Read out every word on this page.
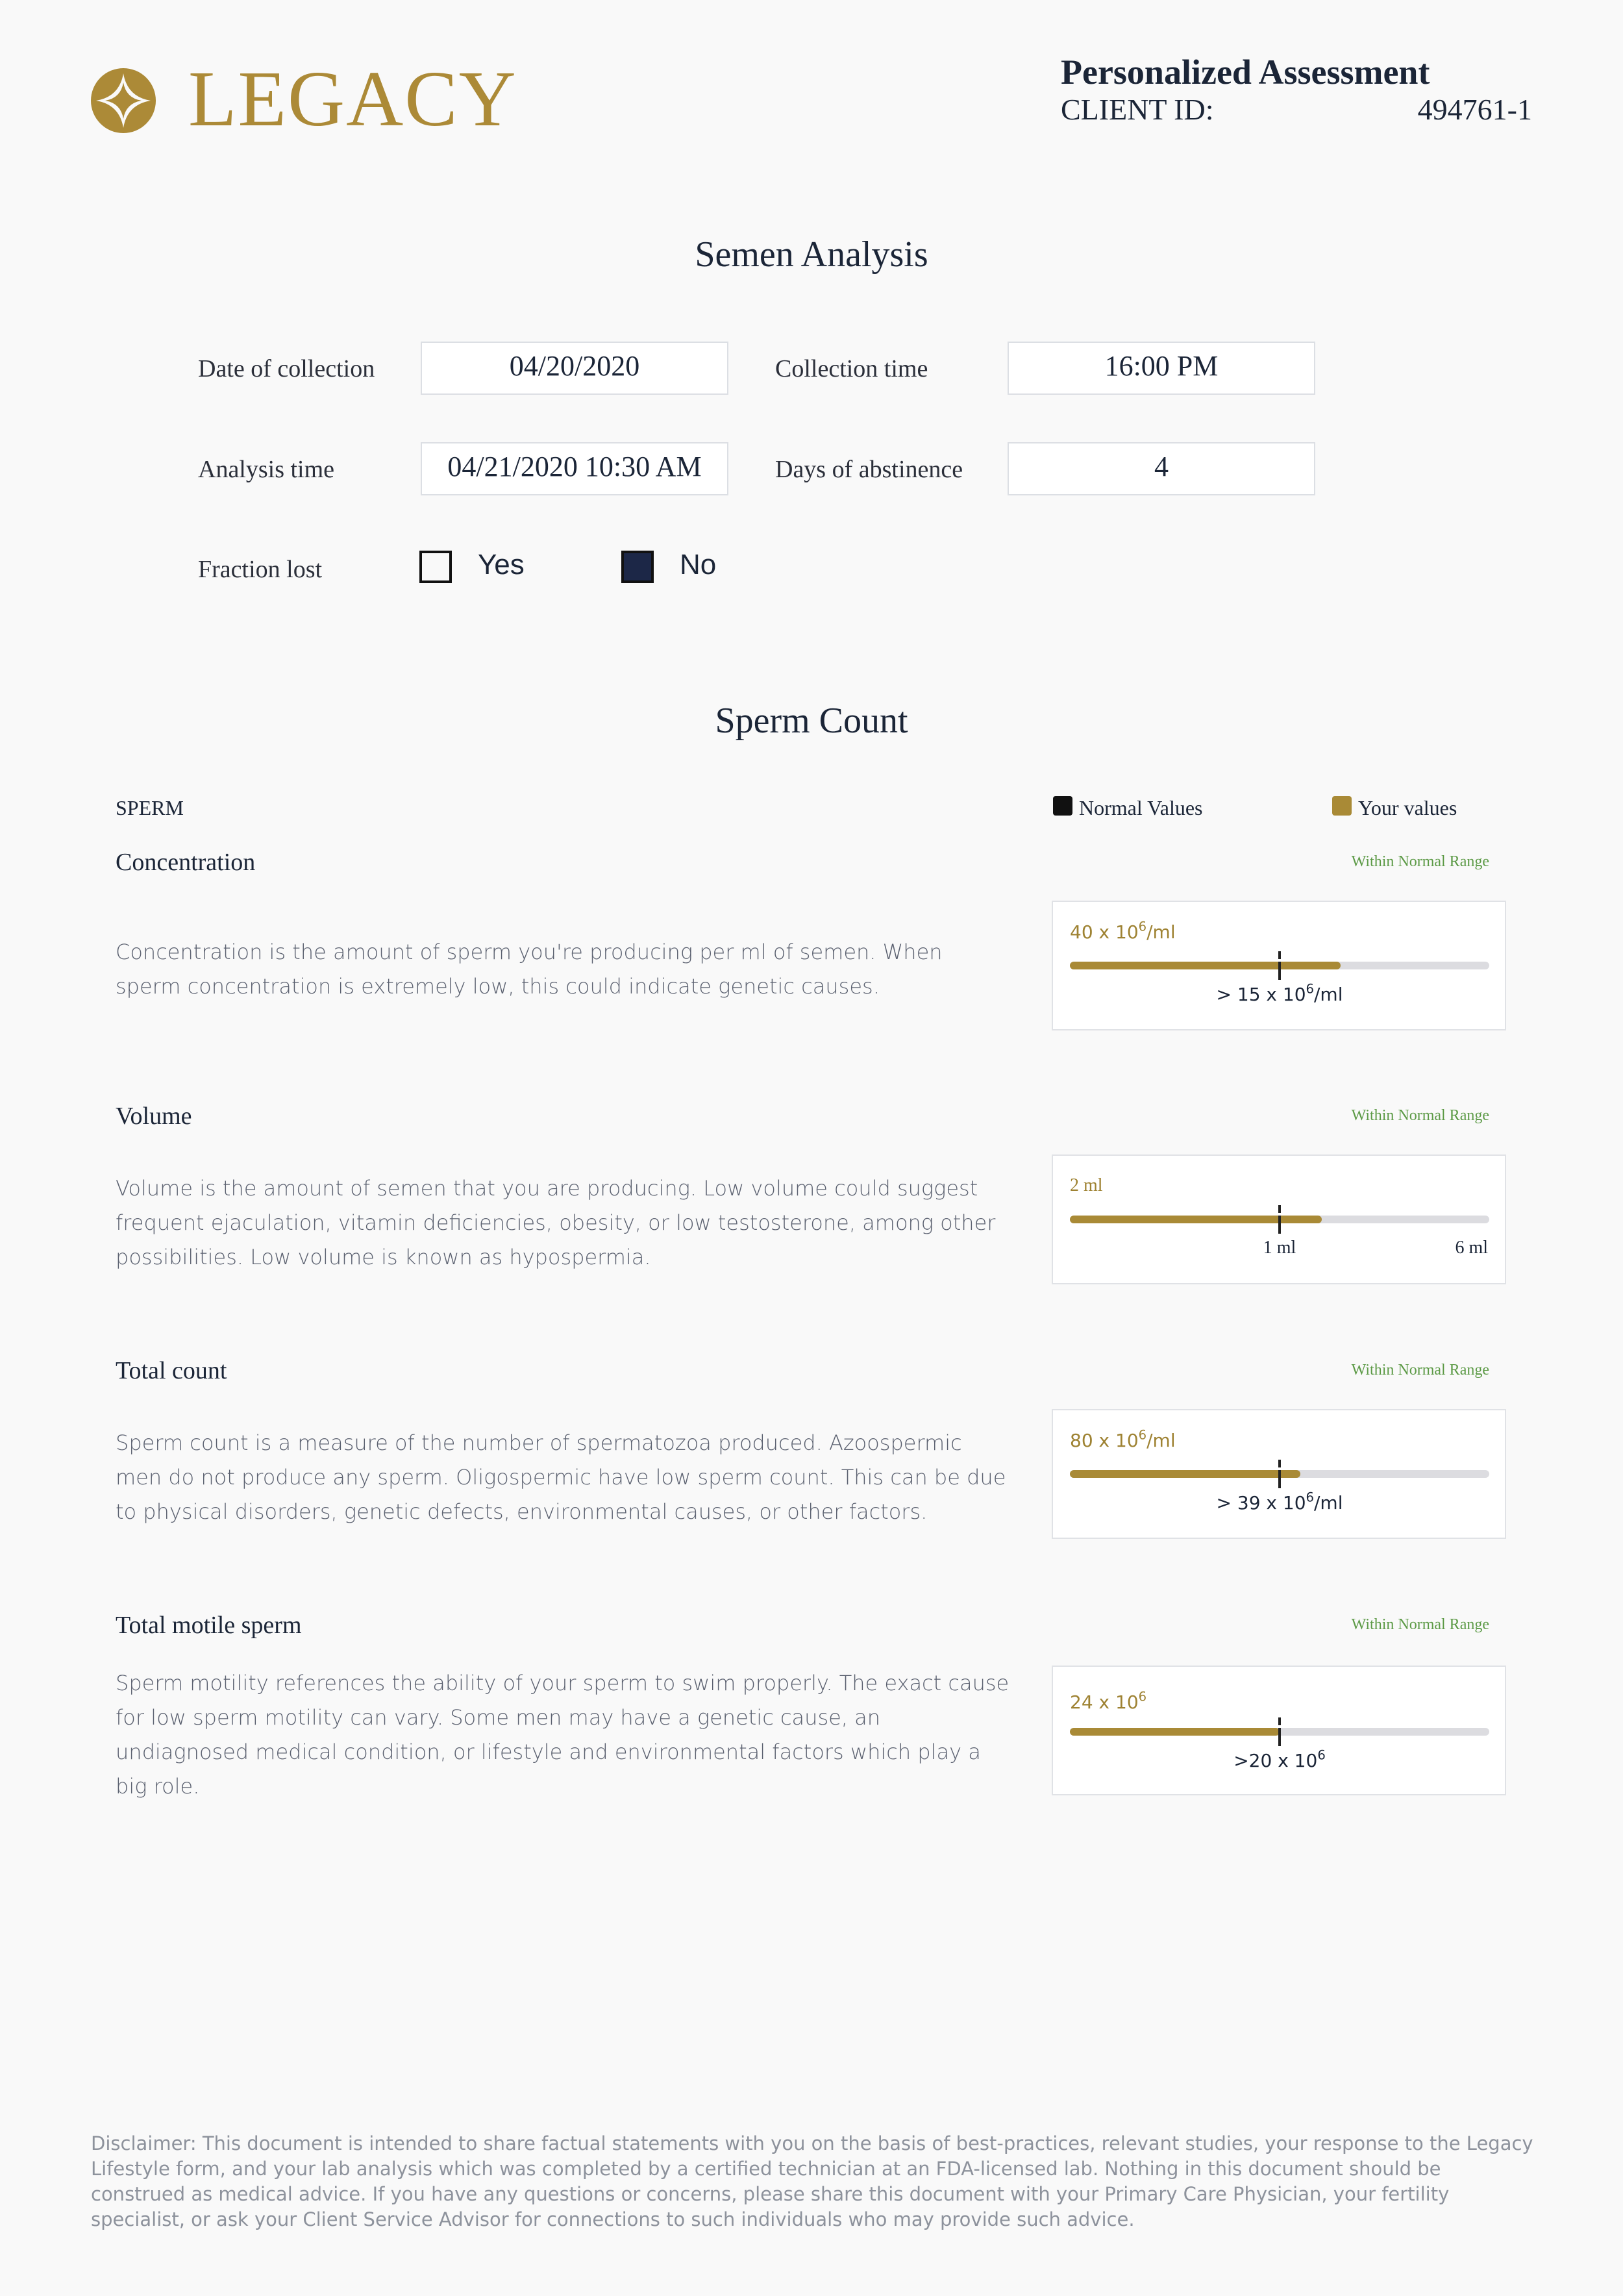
LEGACY	Personalized Assessment
CLIENT ID:	494761-1
Semen Analysis
Date of collection	04/20/2020	Collection time	16:00 PM
Analysis time	04/21/2020 10:30 AM	Days of abstinence	4
Fraction lost	Yes	No
Sperm Count
SPERM	Normal Values	Your values
Concentration	Within Normal Range
Concentration is the amount of sperm you're producing per ml of semen. When sperm concentration is extremely low, this could indicate genetic causes.
40 x $10^6/ml$
> 15 x $10^6/ml$
Volume	Within Normal Range
Volume is the amount of semen that you are producing. Low volume could suggest frequent ejaculation, vitamin deficiencies, obesity, or low testosterone, among other possibilities. Low volume is known as hypospermia.
2 ml
1 ml	6 ml
Total count	Within Normal Range
Sperm count is a measure of the number of spermatozoa produced. Azoospermic men do not produce any sperm. Oligospermic have low sperm count. This can be due to physical disorders, genetic defects, environmental causes, or other factors.
80 x $10^6/ml$
> 39 x $10^6/ml$
Total motile sperm	Within Normal Range
Sperm motility references the ability of your sperm to swim properly. The exact cause for low sperm motility can vary. Some men may have a genetic cause, an undiagnosed medical condition, or lifestyle and environmental factors which play a big role.
24 x $10^6$
>20 x $10^6$
Disclaimer: This document is intended to share factual statements with you on the basis of best-practices, relevant studies, your response to the Legacy Lifestyle form, and your lab analysis which was completed by a certified technician at an FDA-licensed lab. Nothing in this document should be construed as medical advice. If you have any questions or concerns, please share this document with your Primary Care Physician, your fertility specialist, or ask your Client Service Advisor for connections to such individuals who may provide such advice.
